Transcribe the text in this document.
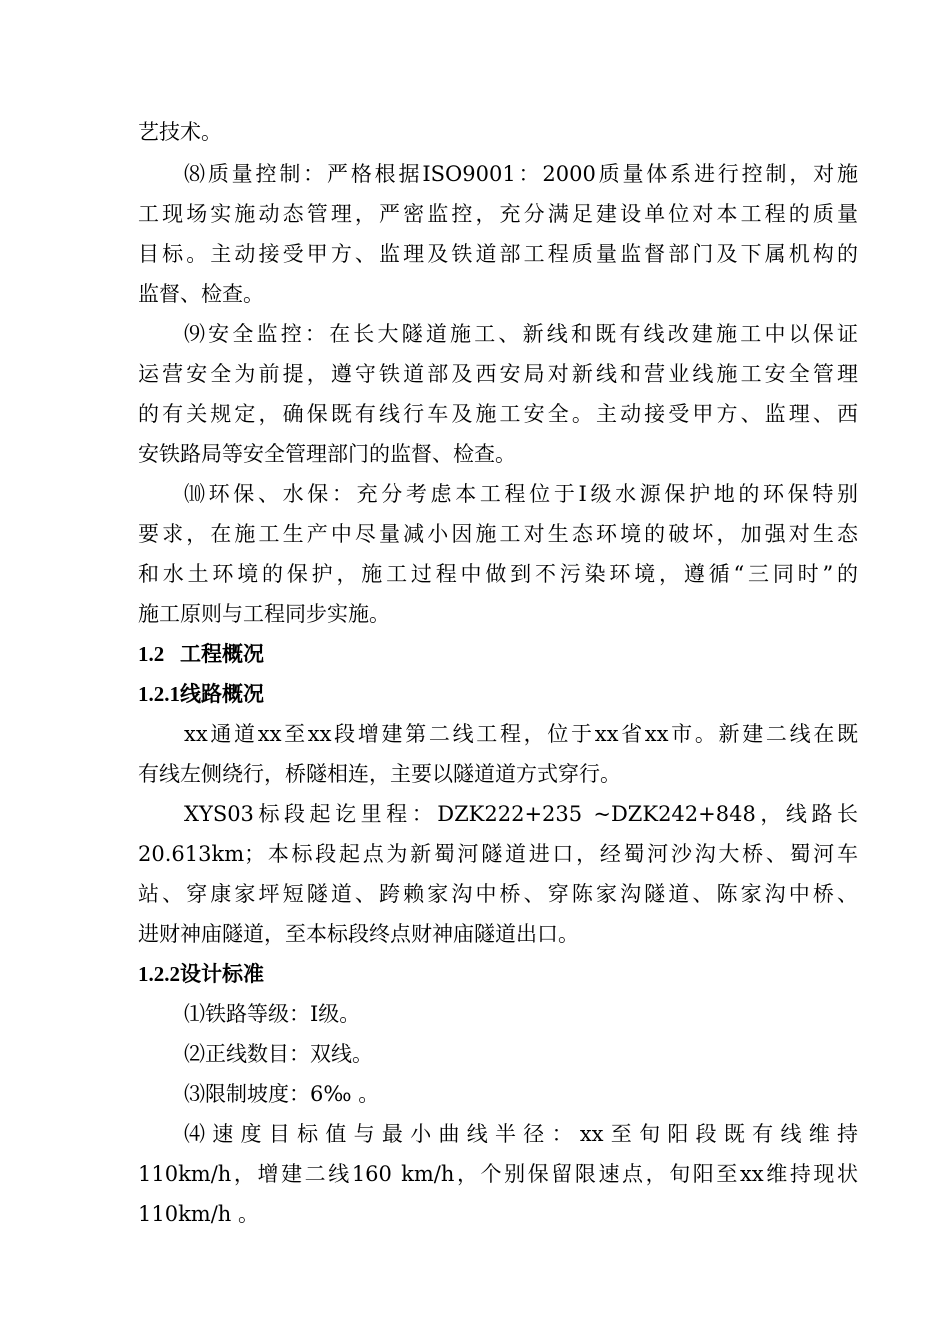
艺技术。
⑻质量控制：严格根据ISO9001：2000质量体系进行控制，对施
工现场实施动态管理，严密监控，充分满足建设单位对本工程的质量
目标。主动接受甲方、监理及铁道部工程质量监督部门及下属机构的
监督、检查。
⑼安全监控：在长大隧道施工、新线和既有线改建施工中以保证
运营安全为前提，遵守铁道部及西安局对新线和营业线施工安全管理
的有关规定，确保既有线行车及施工安全。主动接受甲方、监理、西
安铁路局等安全管理部门的监督、检查。
⑽环保、水保：充分考虑本工程位于Ⅰ级水源保护地的环保特别
要求，在施工生产中尽量减小因施工对生态环境的破坏，加强对生态
和水土环境的保护，施工过程中做到不污染环境，遵循“三同时”的
施工原则与工程同步实施。
1.2   工程概况
1.2.1线路概况
xx通道xx至xx段增建第二线工程，位于xx省xx市。新建二线在既
有线左侧绕行，桥隧相连，主要以隧道道方式穿行。
XYS03标段起讫里程：DZK222+235 ~DZK242+848，线路长
20.613km；本标段起点为新蜀河隧道进口，经蜀河沙沟大桥、蜀河车
站、穿康家坪短隧道、跨赖家沟中桥、穿陈家沟隧道、陈家沟中桥、
进财神庙隧道，至本标段终点财神庙隧道出口。
1.2.2设计标准
⑴铁路等级：Ⅰ级。
⑵正线数目：双线。
⑶限制坡度：6‰ 。
⑷速度目标值与最小曲线半径：xx至旬阳段既有线维持
110km/h，增建二线160 km/h，个别保留限速点，旬阳至xx维持现状
110km/h 。
